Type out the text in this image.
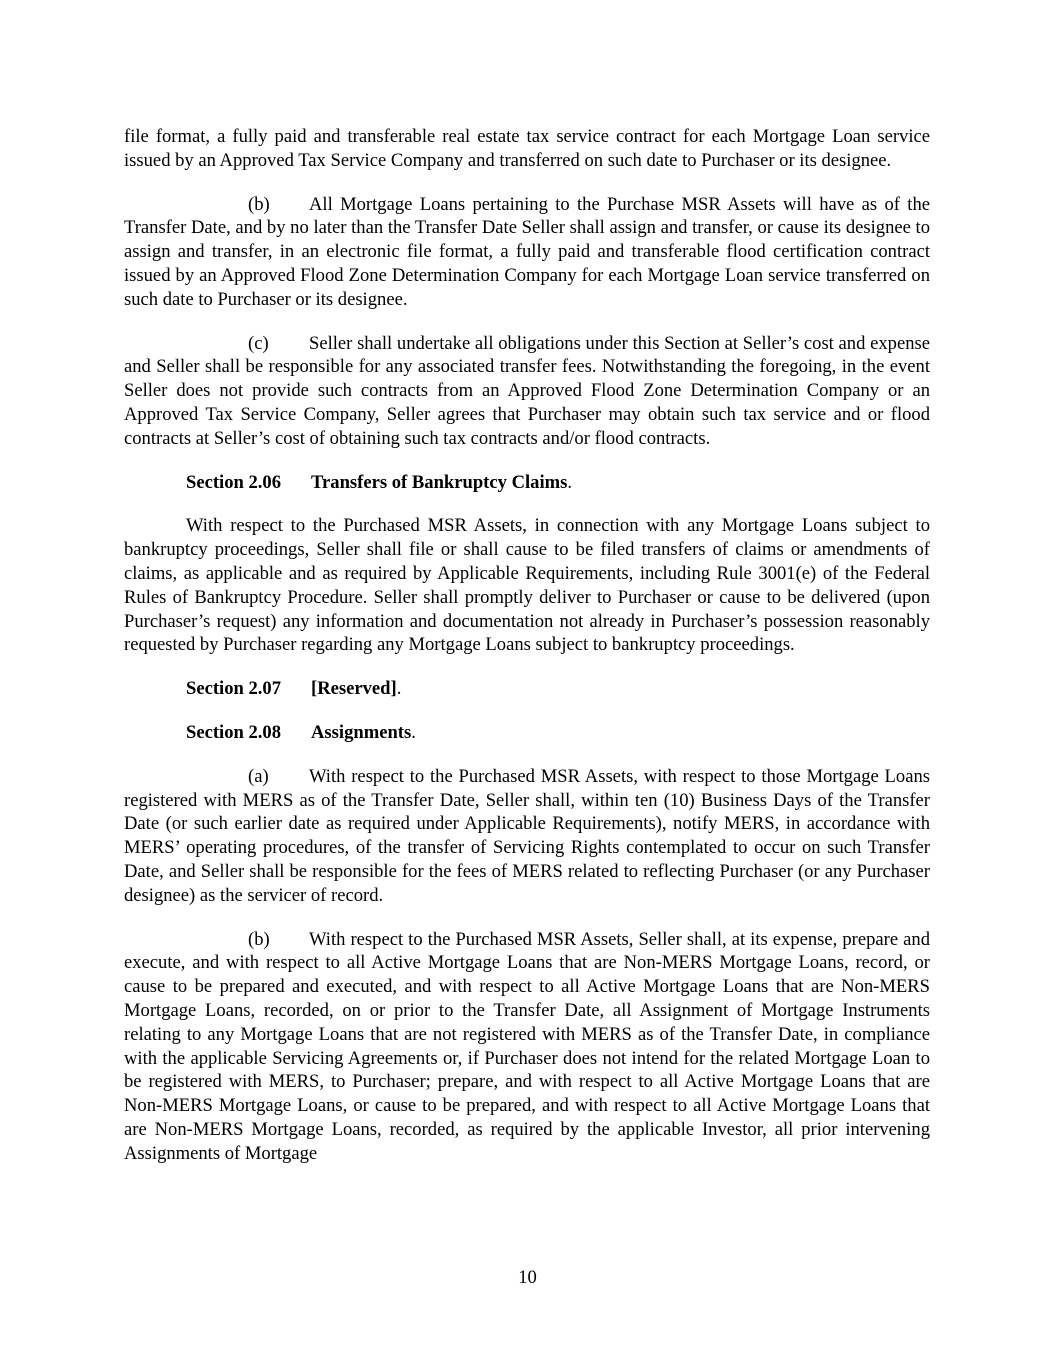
file format, a fully paid and transferable real estate tax service contract for each Mortgage Loan service issued by an Approved Tax Service Company and transferred on such date to Purchaser or its designee.

(b) All Mortgage Loans pertaining to the Purchase MSR Assets will have as of the Transfer Date, and by no later than the Transfer Date Seller shall assign and transfer, or cause its designee to assign and transfer, in an electronic file format, a fully paid and transferable flood certification contract issued by an Approved Flood Zone Determination Company for each Mortgage Loan service transferred on such date to Purchaser or its designee.

(c) Seller shall undertake all obligations under this Section at Seller’s cost and expense and Seller shall be responsible for any associated transfer fees. Notwithstanding the foregoing, in the event Seller does not provide such contracts from an Approved Flood Zone Determination Company or an Approved Tax Service Company, Seller agrees that Purchaser may obtain such tax service and or flood contracts at Seller’s cost of obtaining such tax contracts and/or flood contracts.

Section 2.06 Transfers of Bankruptcy Claims.

With respect to the Purchased MSR Assets, in connection with any Mortgage Loans subject to bankruptcy proceedings, Seller shall file or shall cause to be filed transfers of claims or amendments of claims, as applicable and as required by Applicable Requirements, including Rule 3001(e) of the Federal Rules of Bankruptcy Procedure. Seller shall promptly deliver to Purchaser or cause to be delivered (upon Purchaser’s request) any information and documentation not already in Purchaser’s possession reasonably requested by Purchaser regarding any Mortgage Loans subject to bankruptcy proceedings.

Section 2.07 [Reserved].
Section 2.08 Assignments.

(a) With respect to the Purchased MSR Assets, with respect to those Mortgage Loans registered with MERS as of the Transfer Date, Seller shall, within ten (10) Business Days of the Transfer Date (or such earlier date as required under Applicable Requirements), notify MERS, in accordance with MERS’ operating procedures, of the transfer of Servicing Rights contemplated to occur on such Transfer Date, and Seller shall be responsible for the fees of MERS related to reflecting Purchaser (or any Purchaser designee) as the servicer of record.

(b) With respect to the Purchased MSR Assets, Seller shall, at its expense, prepare and execute, and with respect to all Active Mortgage Loans that are Non-MERS Mortgage Loans, record, or cause to be prepared and executed, and with respect to all Active Mortgage Loans that are Non-MERS Mortgage Loans, recorded, on or prior to the Transfer Date, all Assignment of Mortgage Instruments relating to any Mortgage Loans that are not registered with MERS as of the Transfer Date, in compliance with the applicable Servicing Agreements or, if Purchaser does not intend for the related Mortgage Loan to be registered with MERS, to Purchaser; prepare, and with respect to all Active Mortgage Loans that are Non-MERS Mortgage Loans, or cause to be prepared, and with respect to all Active Mortgage Loans that are Non-MERS Mortgage Loans, recorded, as required by the applicable Investor, all prior intervening Assignments of Mortgage

10
